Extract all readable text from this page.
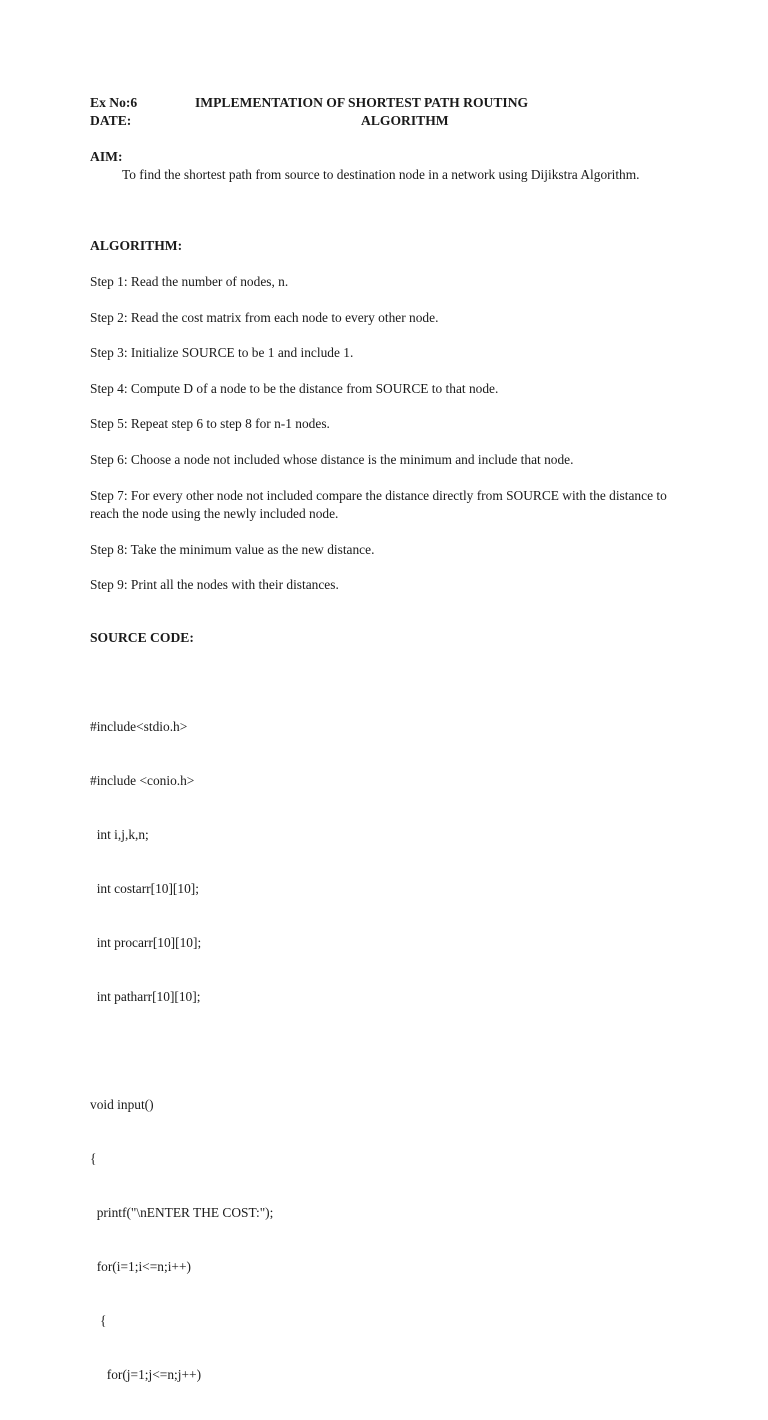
Ex No:6	IMPLEMENTATION OF SHORTEST PATH ROUTING
DATE:	ALGORITHM
AIM:
To find the shortest path from source to destination node in a network using Dijikstra Algorithm.
ALGORITHM:
Step 1: Read the number of nodes, n.
Step 2: Read the cost matrix from each node to every other node.
Step 3: Initialize SOURCE to be 1 and include 1.
Step 4: Compute D of a node to be the distance from SOURCE to that node.
Step 5: Repeat step 6 to step 8 for n-1 nodes.
Step 6: Choose a node not included whose distance is the minimum and include that node.
Step 7: For every other node not included compare the distance directly from SOURCE with the distance to reach the node using the newly included node.
Step 8: Take the minimum value as the new distance.
Step 9: Print all the nodes with their distances.
SOURCE CODE:

#include<stdio.h>

#include <conio.h>

int i,j,k,n;

int costarr[10][10];

int procarr[10][10];

int patharr[10][10];

void input()

{

printf("\nENTER THE COST:");

for(i=1;i<=n;i++)

{

for(j=1;j<=n;j++)
